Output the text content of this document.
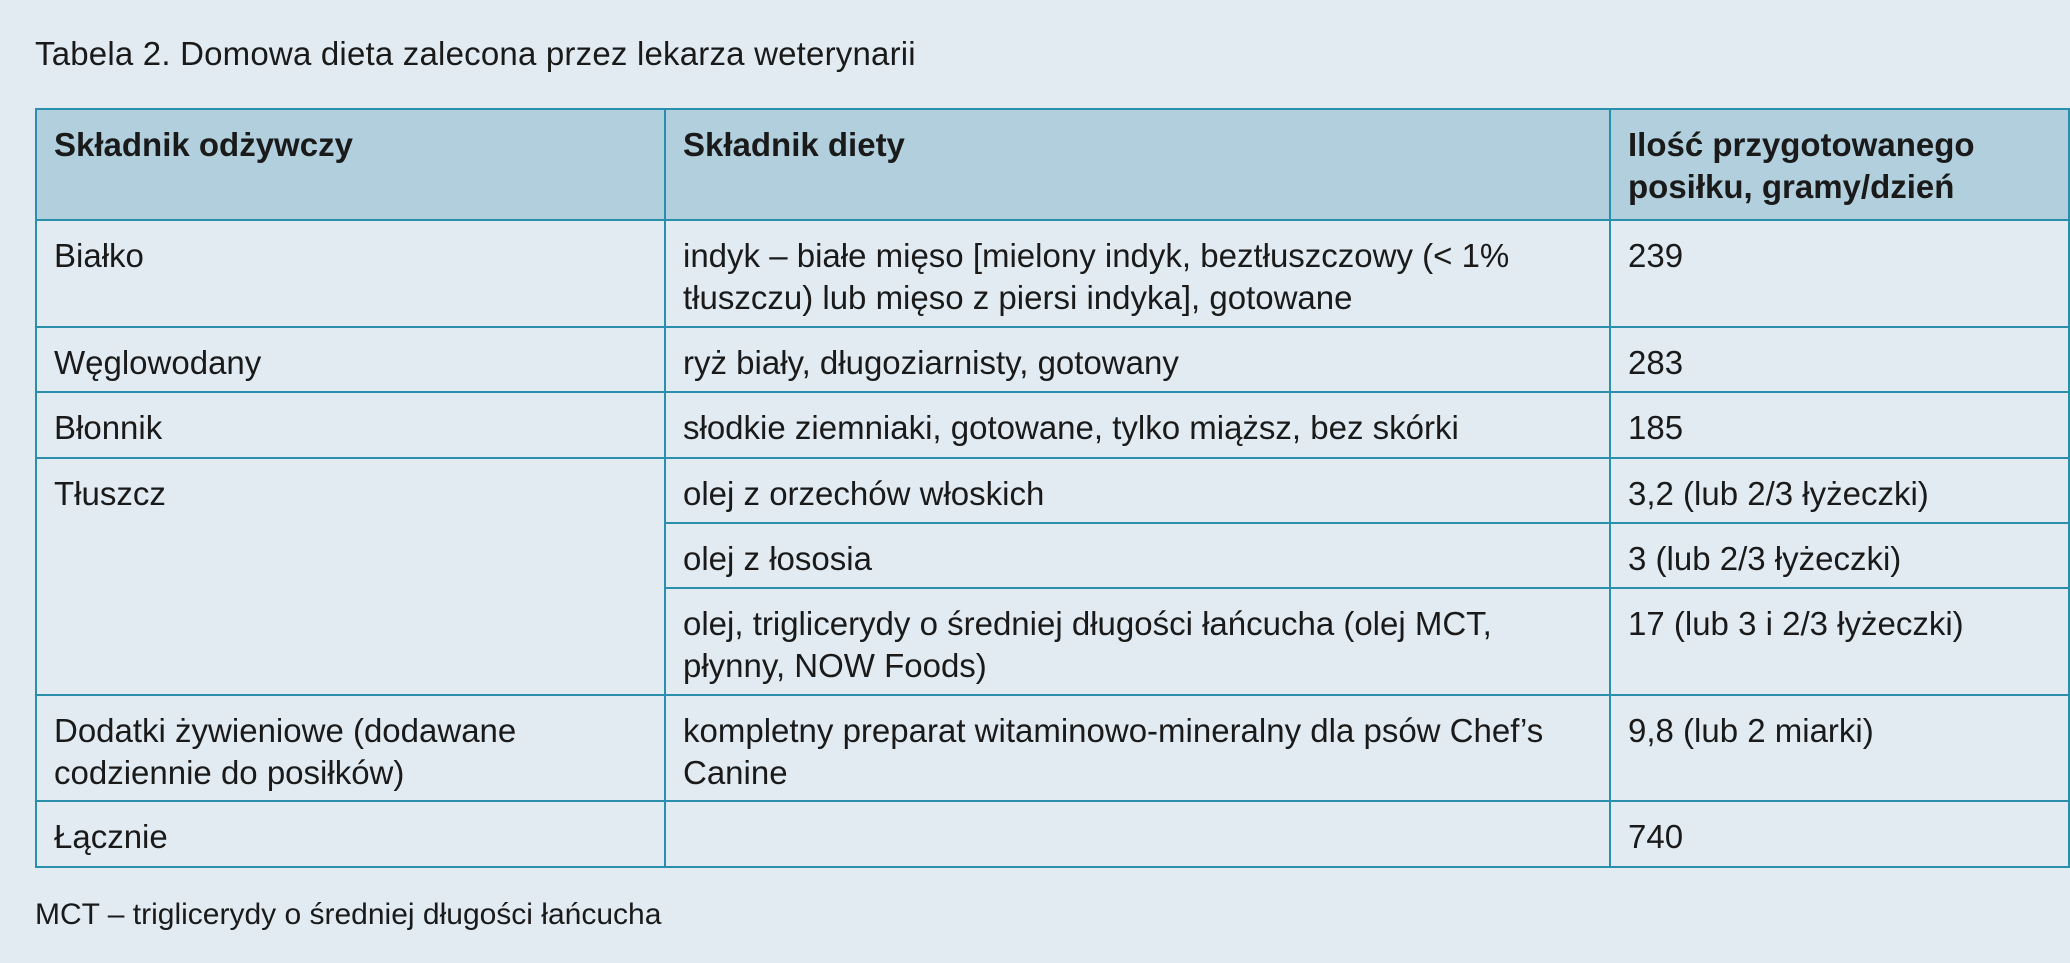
Tabela 2. Domowa dieta zalecona przez lekarza weterynarii
Składnik odżywczy	Składnik diety	Ilość przygotowanego posiłku, gramy/dzień
Białko	indyk – białe mięso [mielony indyk, beztłuszczowy (< 1% tłuszczu) lub mięso z piersi indyka], gotowane	239
Węglowodany	ryż biały, długoziarnisty, gotowany	283
Błonnik	słodkie ziemniaki, gotowane, tylko miąższ, bez skórki	185
Tłuszcz	olej z orzechów włoskich	3,2 (lub 2/3 łyżeczki)
	olej z łososia	3 (lub 2/3 łyżeczki)
	olej, triglicerydy o średniej długości łańcucha (olej MCT, płynny, NOW Foods)	17 (lub 3 i 2/3 łyżeczki)
Dodatki żywieniowe (dodawane codziennie do posiłków)	kompletny preparat witaminowo-mineralny dla psów Chef’s Canine	9,8 (lub 2 miarki)
Łącznie		740
MCT – triglicerydy o średniej długości łańcucha
